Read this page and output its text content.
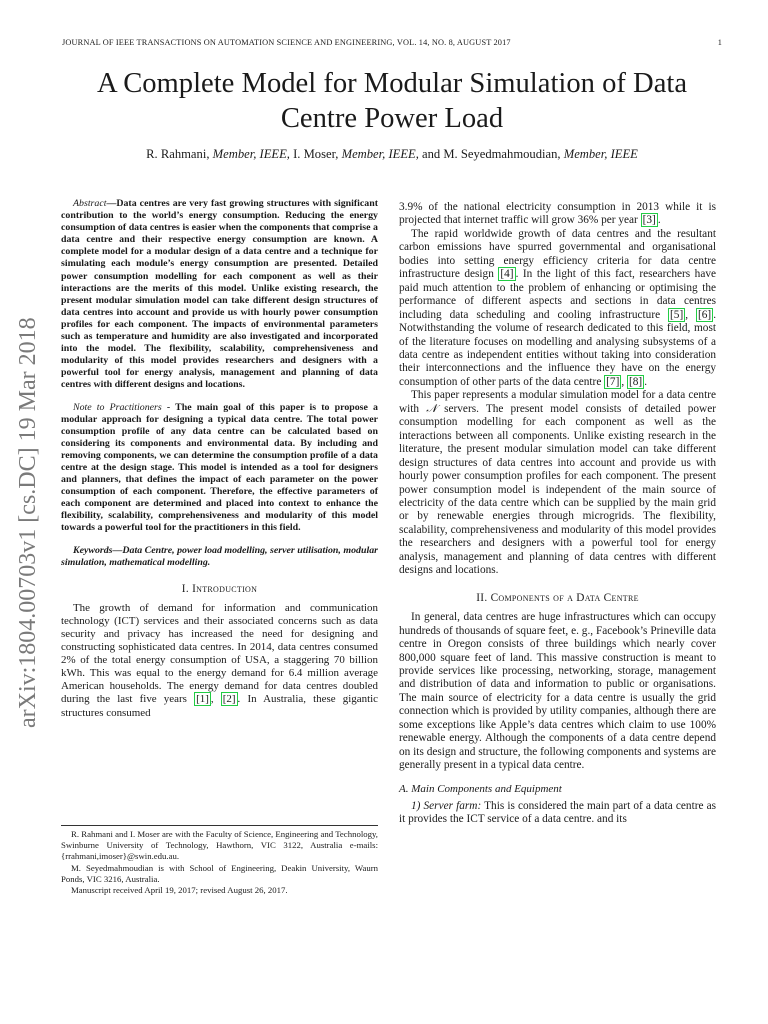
JOURNAL OF IEEE TRANSACTIONS ON AUTOMATION SCIENCE AND ENGINEERING, VOL. 14, NO. 8, AUGUST 2017	1
arXiv:1804.00703v1 [cs.DC] 19 Mar 2018
A Complete Model for Modular Simulation of Data Centre Power Load
R. Rahmani, Member, IEEE, I. Moser, Member, IEEE, and M. Seyedmahmoudian, Member, IEEE

Abstract—Data centres are very fast growing structures with significant contribution to the world’s energy consumption. Reducing the energy consumption of data centres is easier when the components that comprise a data centre and their respective energy consumption are known. A complete model for a modular design of a data centre and a technique for simulating each module’s energy consumption are presented. Detailed power consumption modelling for each component as well as their interactions are the merits of this model. Unlike existing research, the present modular simulation model can take different design structures of data centres into account and provide us with hourly power consumption profiles for each component. The impacts of environmental parameters such as temperature and humidity are also investigated and incorporated into the model. The flexibility, scalability, comprehensiveness and modularity of this model provides researchers and designers with a powerful tool for energy analysis, management and planning of data centres with different designs and locations.

Note to Practitioners - The main goal of this paper is to propose a modular approach for designing a typical data centre. The total power consumption profile of any data centre can be calculated based on considering its components and environmental data. By including and removing components, we can determine the consumption profile of a data centre at the design stage. This model is intended as a tool for designers and planners, that defines the impact of each parameter on the power consumption of each component. Therefore, the effective parameters of each component are determined and placed into context to enhance the flexibility, scalability, comprehensiveness and modularity of this model towards a powerful tool for the practitioners in this field.

Keywords—Data Centre, power load modelling, server utilisation, modular simulation, mathematical modelling.

I. Introduction

The growth of demand for information and communication technology (ICT) services and their associated concerns such as data security and privacy has increased the need for designing and constructing sophisticated data centres. In 2014, data centres consumed 2% of the total energy consumption of USA, a staggering 70 billion kWh. This was equal to the energy demand for 6.4 million average American households. The energy demand for data centres doubled during the last five years [1] , [2] . In Australia, these gigantic structures consumed

R. Rahmani and I. Moser are with the Faculty of Science, Engineering and Technology, Swinburne University of Technology, Hawthorn, VIC 3122, Australia e-mails: {rrahmani,imoser}@swin.edu.au.

M. Seyedmahmoudian is with School of Engineering, Deakin University, Waurn Ponds, VIC 3216, Australia.

Manuscript received April 19, 2017; revised August 26, 2017.

3.9% of the national electricity consumption in 2013 while it is projected that internet traffic will grow 36% per year [3] .

The rapid worldwide growth of data centres and the resultant carbon emissions have spurred governmental and organisational bodies into setting energy efficiency criteria for data centre infrastructure design [4] . In the light of this fact, researchers have paid much attention to the problem of enhancing or optimising the performance of different aspects and sections in data centres including data scheduling and cooling infrastructure [5] , [6] . Notwithstanding the volume of research dedicated to this field, most of the literature focuses on modelling and analysing subsystems of a data centre as independent entities without taking into consideration their interconnections and the influence they have on the energy consumption of other parts of the data centre [7] , [8] .

This paper represents a modular simulation model for a data centre with 𝒩 servers. The present model consists of detailed power consumption modelling for each component as well as the interactions between all components. Unlike existing research in the literature, the present modular simulation model can take different design structures of data centres into account and provide us with hourly power consumption profiles for each component. The present power consumption model is independent of the main source of electricity of the data centre which can be supplied by the main grid or by renewable energies through microgrids. The flexibility, scalability, comprehensiveness and modularity of this model provides the researchers and designers with a powerful tool for energy analysis, management and planning of data centres with different designs and locations.

II. Components of a Data Centre

In general, data centres are huge infrastructures which can occupy hundreds of thousands of square feet, e. g., Facebook’s Prineville data centre in Oregon consists of three buildings which nearly cover 800,000 square feet of land. This massive construction is meant to provide services like processing, networking, storage, management and distribution of data and information to public or organisations. The main source of electricity for a data centre is usually the grid connection which is provided by utility companies, although there are some exceptions like Apple’s data centres which claim to use 100% renewable energy. Although the components of a data centre depend on its design and structure, the following components and systems are generally present in a typical data centre.

A. Main Components and Equipment

1) Server farm: This is considered the main part of a data centre as it provides the ICT service of a data centre. and its
